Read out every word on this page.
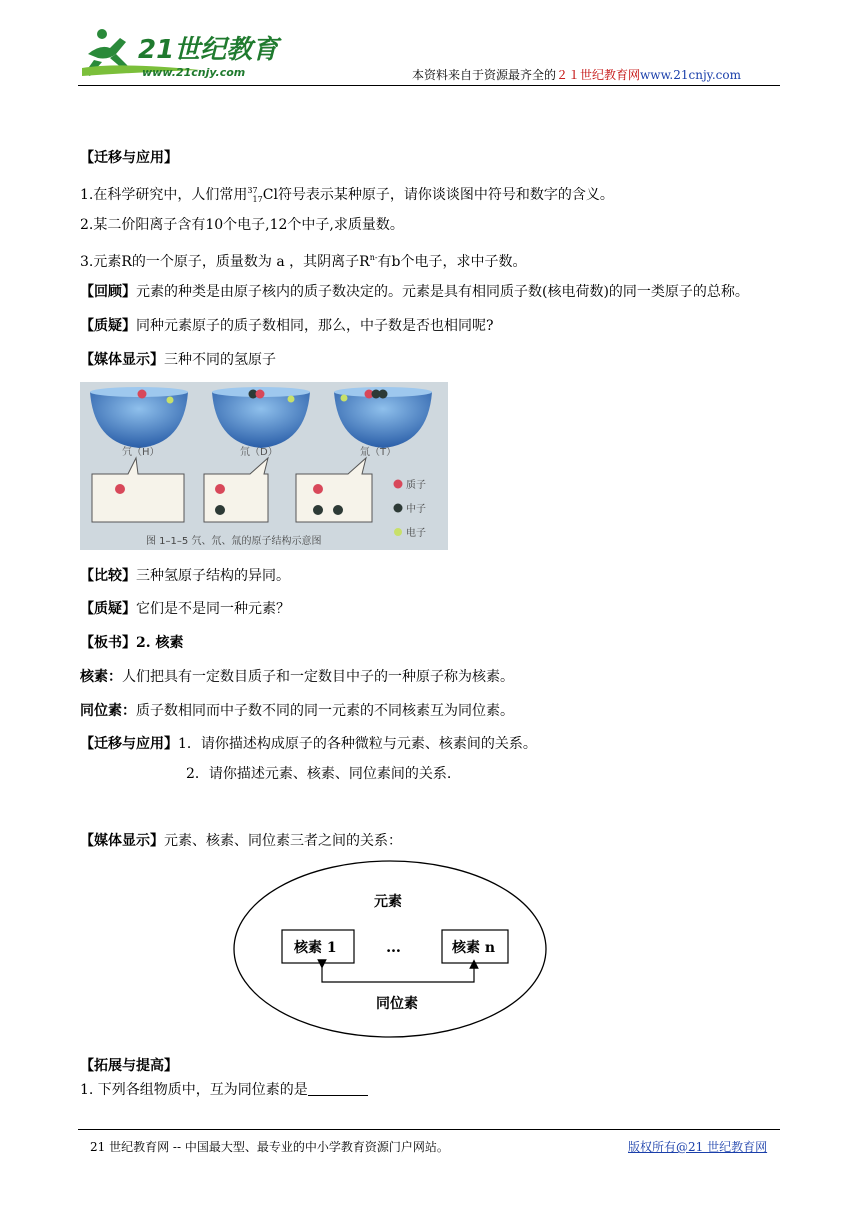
21世纪教育
www.21cnjy.com	本资料来自于资源最齐全的２１世纪教育网www.21cnjy.com
【迁移与应用】
1.在科学研究中，人们常用$^{37}_{17}$Cl符号表示某种原子，请你谈谈图中符号和数字的含义。
2.某二价阳离子含有10个电子,12个中子,求质量数。
3.元素R的一个原子，质量数为 a ，其阴离子$R^{n-}$有b个电子，求中子数。
【回顾】元素的种类是由原子核内的质子数决定的。元素是具有相同质子数(核电荷数)的同一类原子的总称。
【质疑】同种元素原子的质子数相同，那么，中子数是否也相同呢?
【媒体显示】三种不同的氢原子
氕（H）	氘（D）	氚（T）
质子
中子
电子
图 1–1–5 氕、氘、氚的原子结构示意图
【比较】三种氢原子结构的异同。
【质疑】它们是不是同一种元素？
【板书】2. 核素
核素：人们把具有一定数目质子和一定数目中子的一种原子称为核素。
同位素：质子数相同而中子数不同的同一元素的不同核素互为同位素。
【迁移与应用】1．请你描述构成原子的各种微粒与元素、核素间的关系。
2．请你描述元素、核素、同位素间的关系.
【媒体显示】元素、核素、同位素三者之间的关系：
元素
核素 1	…	核素 n
同位素
【拓展与提高】
1. 下列各组物质中，互为同位素的是
21 世纪教育网 -- 中国最大型、最专业的中小学教育资源门户网站。	版权所有@21 世纪教育网
